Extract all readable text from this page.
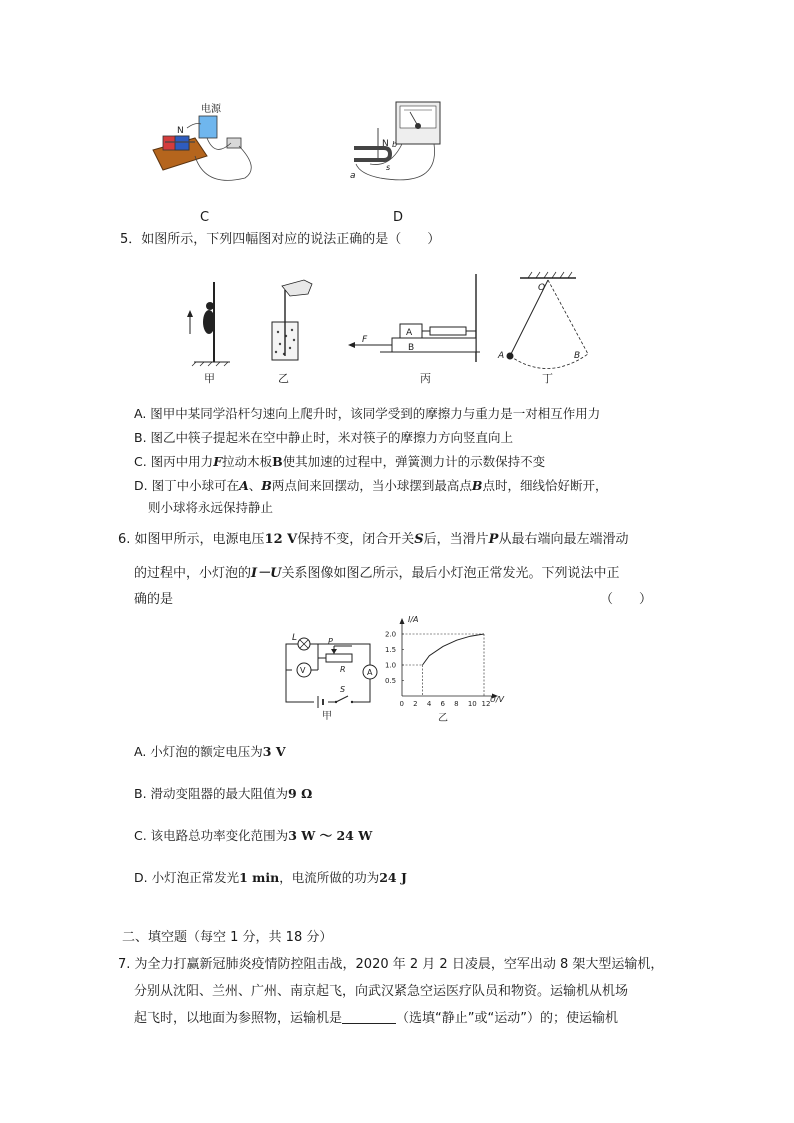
电源
N
C
N b
a
s
D
5．如图所示，下列四幅图对应的说法正确的是（　　）
甲	乙
A
B
F
丙
O
A	B
丁
A. 图甲中某同学沿杆匀速向上爬升时，该同学受到的摩擦力与重力是一对相互作用力
B. 图乙中筷子提起米在空中静止时，米对筷子的摩擦力方向竖直向上
C. 图丙中用力F拉动木板B使其加速的过程中，弹簧测力计的示数保持不变
D. 图丁中小球可在A、B两点间来回摆动，当小球摆到最高点B点时，细线恰好断开，
则小球将永远保持静止
6. 如图甲所示，电源电压12 V保持不变，闭合开关S后，当滑片P从最右端向最左端滑动
的过程中，小灯泡的I－U关系图像如图乙所示，最后小灯泡正常发光。下列说法中正
确的是	（　　）
L
V
P
R	A
S
甲
0 2 4 6 8 10 12
0.5
1.0
1.5
2.0
I/A
U/V
乙
A. 小灯泡的额定电压为3 V
B. 滑动变阻器的最大阻值为9 Ω
C. 该电路总功率变化范围为3 W ～ 24 W
D. 小灯泡正常发光1 min，电流所做的功为24 J
二、填空题（每空 1 分，共 18 分）
7. 为全力打赢新冠肺炎疫情防控阻击战，2020 年 2 月 2 日凌晨，空军出动 8 架大型运输机，
分别从沈阳、兰州、广州、南京起飞，向武汉紧急空运医疗队员和物资。运输机从机场
起飞时，以地面为参照物，运输机是	（选填“静止”或“运动”）的；使运输机
